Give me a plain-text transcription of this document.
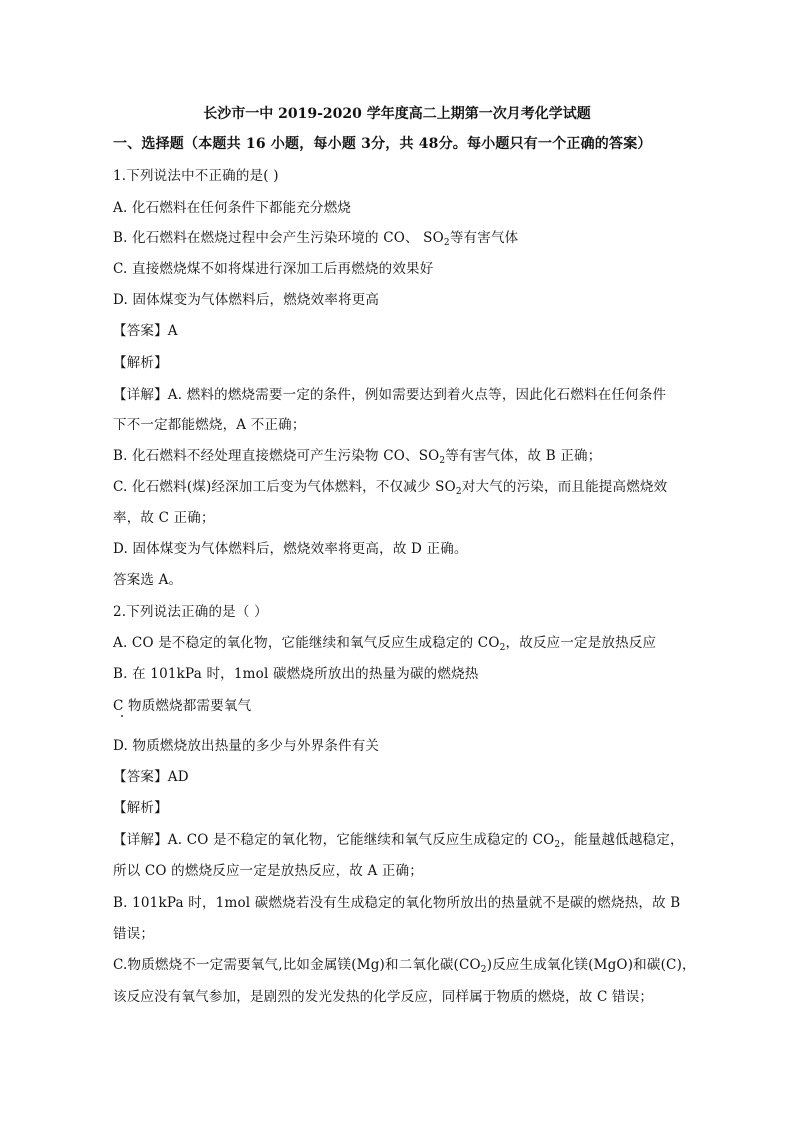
长沙市一中 2019-2020 学年度高二上期第一次月考化学试题
一、选择题（本题共 16 小题，每小题 3分，共 48分。每小题只有一个正确的答案）
1.下列说法中不正确的是( )
A. 化石燃料在任何条件下都能充分燃烧
B. 化石燃料在燃烧过程中会产生污染环境的 CO、 $SO_2$等有害气体
C. 直接燃烧煤不如将煤进行深加工后再燃烧的效果好
D. 固体煤变为气体燃料后，燃烧效率将更高
【答案】A
【解析】
【详解】A. 燃料的燃烧需要一定的条件，例如需要达到着火点等，因此化石燃料在任何条件
下不一定都能燃烧，A 不正确；
B. 化石燃料不经处理直接燃烧可产生污染物 CO、$SO_2$等有害气体，故 B 正确；
C. 化石燃料(煤)经深加工后变为气体燃料，不仅减少 $SO_2$对大气的污染，而且能提高燃烧效
率，故 C 正确；
D. 固体煤变为气体燃料后，燃烧效率将更高，故 D 正确。
答案选 A。
2.下列说法正确的是（ ）
A. CO 是不稳定的氧化物，它能继续和氧气反应生成稳定的 $CO_2$，故反应一定是放热反应
B. 在 101kPa 时，1mol 碳燃烧所放出的热量为碳的燃烧热
C 物质燃烧都需要氧气
D. 物质燃烧放出热量的多少与外界条件有关
【答案】AD
【解析】
【详解】A. CO 是不稳定的氧化物，它能继续和氧气反应生成稳定的 $CO_2$，能量越低越稳定，
所以 CO 的燃烧反应一定是放热反应，故 A 正确；
B. 101kPa 时，1mol 碳燃烧若没有生成稳定的氧化物所放出的热量就不是碳的燃烧热，故 B
错误；
C.物质燃烧不一定需要氧气,比如金属镁(Mg)和二氧化碳$(CO_2)$反应生成氧化镁(MgO)和碳(C)，
该反应没有氧气参加，是剧烈的发光发热的化学反应，同样属于物质的燃烧，故 C 错误；
